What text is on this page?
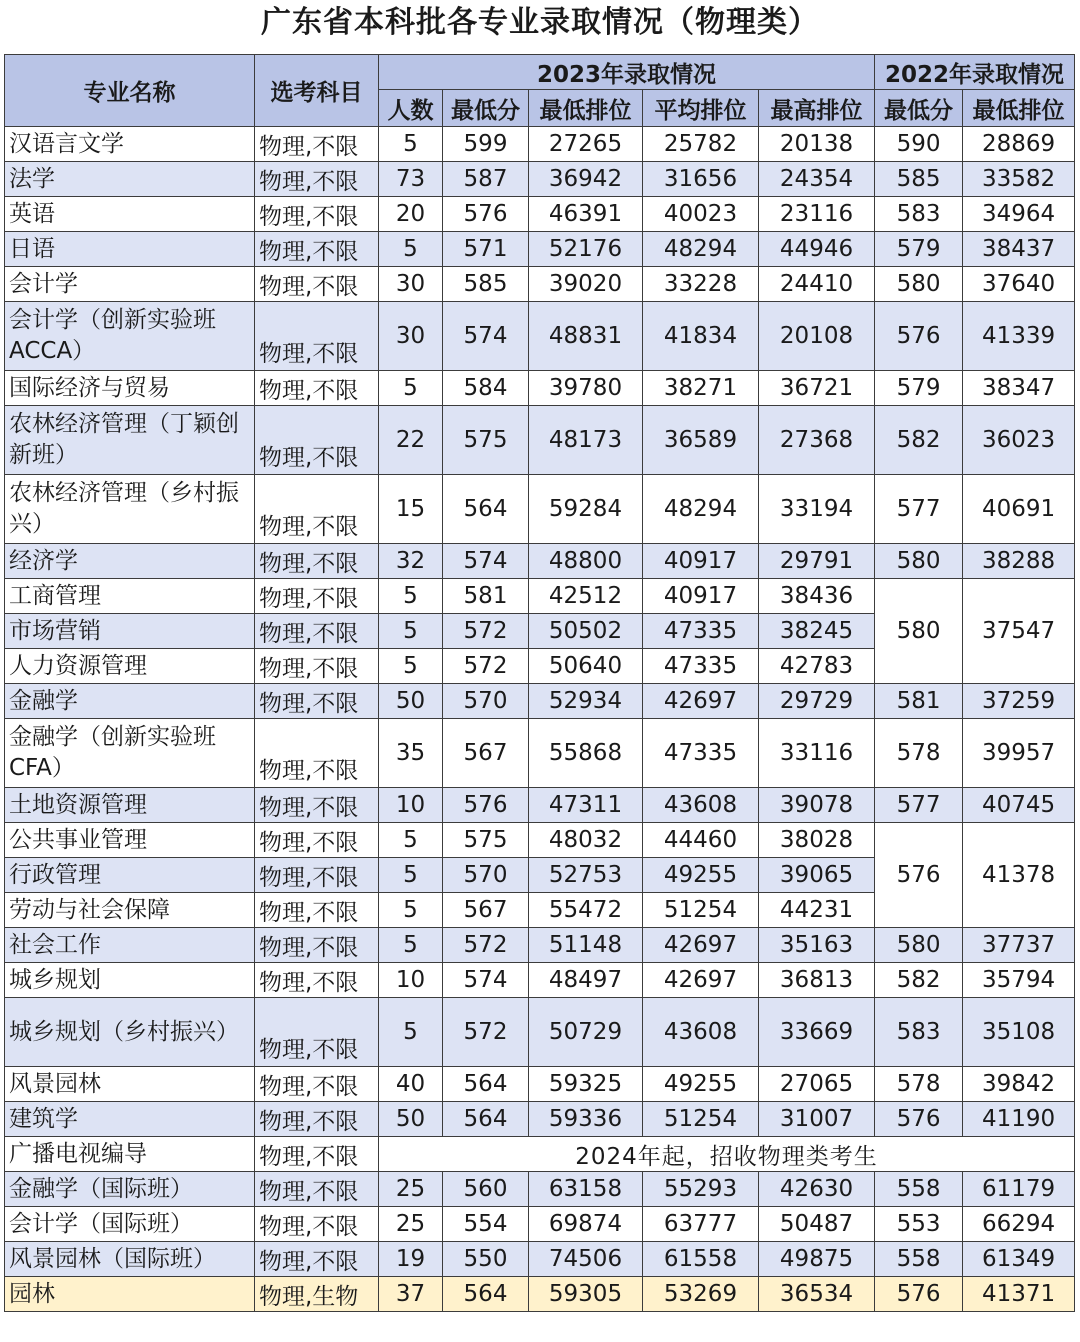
广东省本科批各专业录取情况（物理类）
专业名称	选考科目	2023年录取情况					2022年录取情况	
		人数	最低分	最低排位	平均排位	最高排位	最低分	最低排位
汉语言文学	物理,不限	5	599	27265	25782	20138	590	28869
法学	物理,不限	73	587	36942	31656	24354	585	33582
英语	物理,不限	20	576	46391	40023	23116	583	34964
日语	物理,不限	5	571	52176	48294	44946	579	38437
会计学	物理,不限	30	585	39020	33228	24410	580	37640
会计学（创新实验班ACCA）	物理,不限	30	574	48831	41834	20108	576	41339
国际经济与贸易	物理,不限	5	584	39780	38271	36721	579	38347
农林经济管理（丁颖创新班）	物理,不限	22	575	48173	36589	27368	582	36023
农林经济管理（乡村振兴）	物理,不限	15	564	59284	48294	33194	577	40691
经济学	物理,不限	32	574	48800	40917	29791	580	38288
工商管理	物理,不限	5	581	42512	40917	38436	580	37547
市场营销	物理,不限	5	572	50502	47335	38245		
人力资源管理	物理,不限	5	572	50640	47335	42783		
金融学	物理,不限	50	570	52934	42697	29729	581	37259
金融学（创新实验班CFA）	物理,不限	35	567	55868	47335	33116	578	39957
土地资源管理	物理,不限	10	576	47311	43608	39078	577	40745
公共事业管理	物理,不限	5	575	48032	44460	38028	576	41378
行政管理	物理,不限	5	570	52753	49255	39065		
劳动与社会保障	物理,不限	5	567	55472	51254	44231		
社会工作	物理,不限	5	572	51148	42697	35163	580	37737
城乡规划	物理,不限	10	574	48497	42697	36813	582	35794
城乡规划（乡村振兴）	物理,不限	5	572	50729	43608	33669	583	35108
风景园林	物理,不限	40	564	59325	49255	27065	578	39842
建筑学	物理,不限	50	564	59336	51254	31007	576	41190
广播电视编导	物理,不限	2024年起，招收物理类考生						
金融学（国际班）	物理,不限	25	560	63158	55293	42630	558	61179
会计学（国际班）	物理,不限	25	554	69874	63777	50487	553	66294
风景园林（国际班）	物理,不限	19	550	74506	61558	49875	558	61349
园林	物理,生物	37	564	59305	53269	36534	576	41371
